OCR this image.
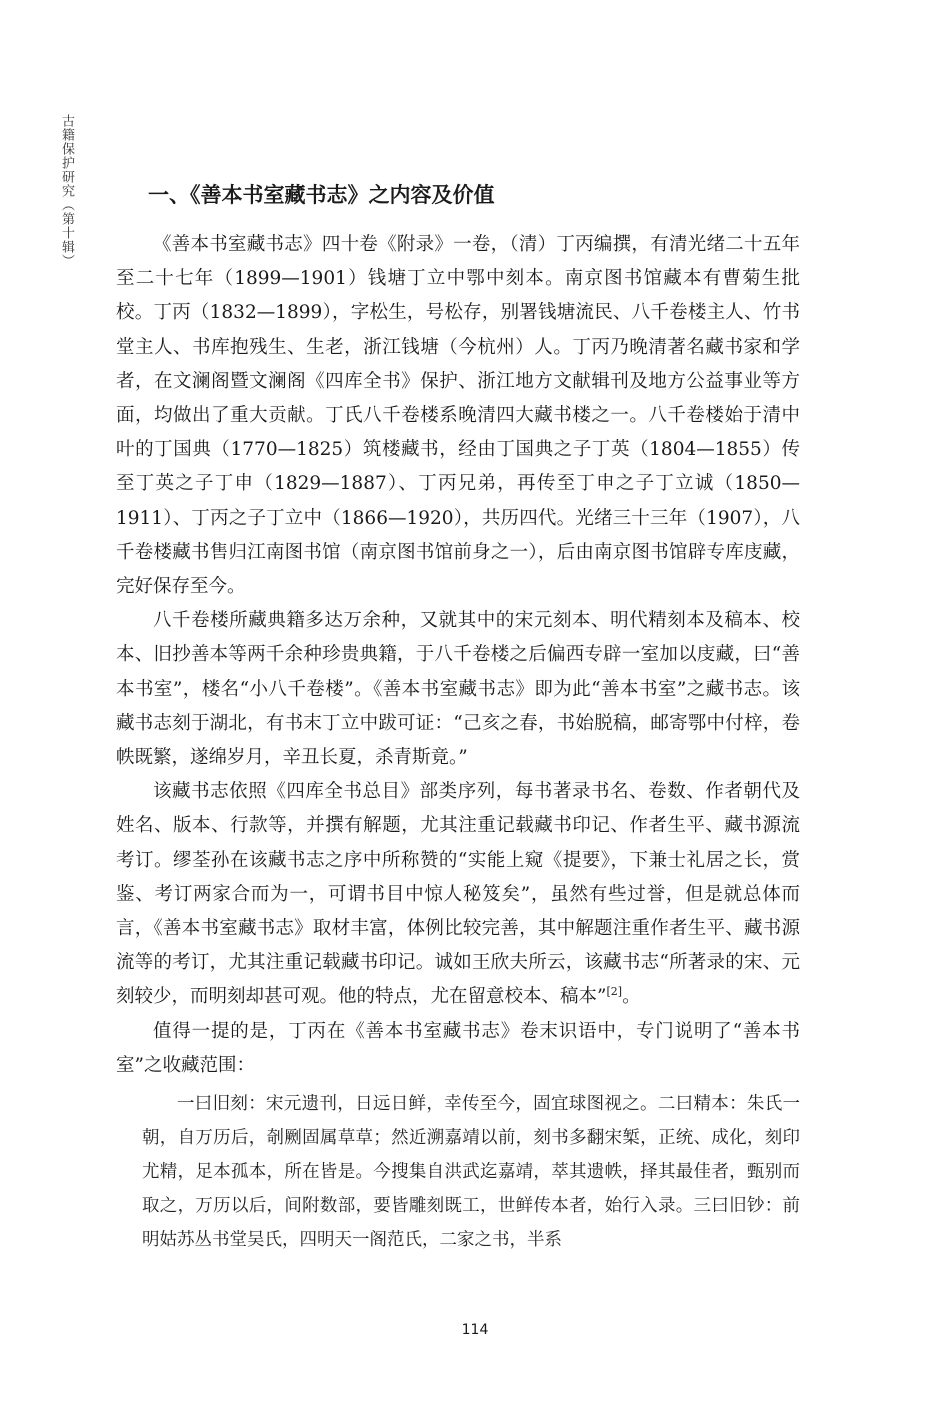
古籍保护研究（第十辑）	一、《善本书室藏书志》之内容及价值

《善本书室藏书志》四十卷《附录》一卷，（清）丁丙编撰，有清光绪二十五年至二十七年（1899—1901）钱塘丁立中鄂中刻本。南京图书馆藏本有曹菊生批校。丁丙（1832—1899），字松生，号松存，别署钱塘流民、八千卷楼主人、竹书堂主人、书库抱残生、生老，浙江钱塘（今杭州）人。丁丙乃晚清著名藏书家和学者，在文澜阁暨文澜阁《四库全书》保护、浙江地方文献辑刊及地方公益事业等方面，均做出了重大贡献。丁氏八千卷楼系晚清四大藏书楼之一。八千卷楼始于清中叶的丁国典（1770—1825）筑楼藏书，经由丁国典之子丁英（1804—1855）传至丁英之子丁申（1829—1887）、丁丙兄弟，再传至丁申之子丁立诚（1850—1911）、丁丙之子丁立中（1866—1920），共历四代。光绪三十三年（1907），八千卷楼藏书售归江南图书馆（南京图书馆前身之一），后由南京图书馆辟专库庋藏，完好保存至今。

八千卷楼所藏典籍多达万余种，又就其中的宋元刻本、明代精刻本及稿本、校本、旧抄善本等两千余种珍贵典籍，于八千卷楼之后偏西专辟一室加以庋藏，曰“善本书室”，楼名“小八千卷楼”。《善本书室藏书志》即为此“善本书室”之藏书志。该藏书志刻于湖北，有书末丁立中跋可证：“己亥之春，书始脱稿，邮寄鄂中付梓，卷帙既繁，遂绵岁月，辛丑长夏，杀青斯竟。”

该藏书志依照《四库全书总目》部类序列，每书著录书名、卷数、作者朝代及姓名、版本、行款等，并撰有解题，尤其注重记载藏书印记、作者生平、藏书源流考订。缪荃孙在该藏书志之序中所称赞的“实能上窥《提要》，下兼士礼居之长，赏鉴、考订两家合而为一，可谓书目中惊人秘笈矣”，虽然有些过誉，但是就总体而言，《善本书室藏书志》取材丰富，体例比较完善，其中解题注重作者生平、藏书源流等的考订，尤其注重记载藏书印记。诚如王欣夫所云，该藏书志“所著录的宋、元刻较少，而明刻却甚可观。他的特点，尤在留意校本、稿本”[2]。

值得一提的是，丁丙在《善本书室藏书志》卷末识语中，专门说明了“善本书室”之收藏范围：

一曰旧刻：宋元遗刊，日远日鲜，幸传至今，固宜球图视之。二曰精本：朱氏一朝，自万历后，剞劂固属草草；然近溯嘉靖以前，刻书多翻宋椠，正统、成化，刻印尤精，足本孤本，所在皆是。今搜集自洪武迄嘉靖，萃其遗帙，择其最佳者，甄别而取之，万历以后，间附数部，要皆雕刻既工，世鲜传本者，始行入录。三曰旧钞：前明姑苏丛书堂吴氏，四明天一阁范氏，二家之书，半系

114
